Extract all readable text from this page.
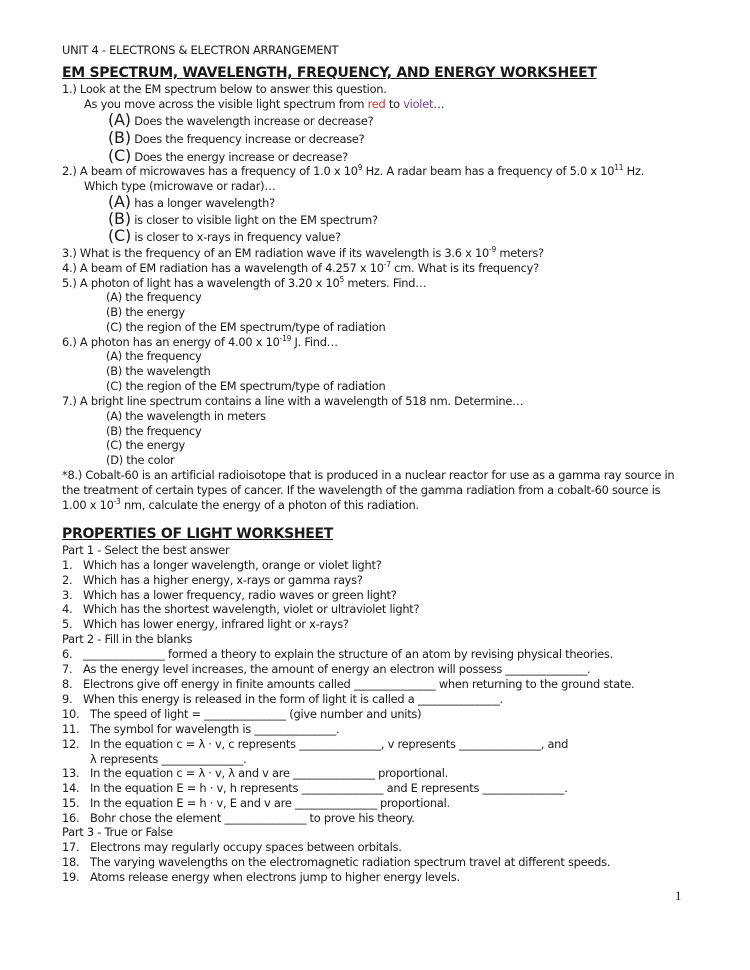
UNIT 4 - ELECTRONS & ELECTRON ARRANGEMENT
EM SPECTRUM, WAVELENGTH, FREQUENCY, AND ENERGY WORKSHEET
1.) Look at the EM spectrum below to answer this question.
As you move across the visible light spectrum from red to violet…
(A) Does the wavelength increase or decrease?
(B) Does the frequency increase or decrease?
(C) Does the energy increase or decrease?
2.) A beam of microwaves has a frequency of 1.0 x $10^9$ Hz. A radar beam has a frequency of 5.0 x $10^{11}$ Hz.
Which type (microwave or radar)…
(A) has a longer wavelength?
(B) is closer to visible light on the EM spectrum?
(C) is closer to x-rays in frequency value?
3.) What is the frequency of an EM radiation wave if its wavelength is 3.6 x $10^{-9}$ meters?
4.) A beam of EM radiation has a wavelength of 4.257 x $10^{-7}$ cm. What is its frequency?
5.) A photon of light has a wavelength of 3.20 x $10^5$ meters. Find…
(A) the frequency
(B) the energy
(C) the region of the EM spectrum/type of radiation
6.) A photon has an energy of 4.00 x $10^{-19}$ J. Find…
(A) the frequency
(B) the wavelength
(C) the region of the EM spectrum/type of radiation
7.) A bright line spectrum contains a line with a wavelength of 518 nm. Determine…
(A) the wavelength in meters
(B) the frequency
(C) the energy
(D) the color
*8.) Cobalt-60 is an artificial radioisotope that is produced in a nuclear reactor for use as a gamma ray source in
the treatment of certain types of cancer. If the wavelength of the gamma radiation from a cobalt-60 source is
1.00 x $10^{-3}$ nm, calculate the energy of a photon of this radiation.
PROPERTIES OF LIGHT WORKSHEET
Part 1 - Select the best answer
1. Which has a longer wavelength, orange or violet light?
2. Which has a higher energy, x-rays or gamma rays?
3. Which has a lower frequency, radio waves or green light?
4. Which has the shortest wavelength, violet or ultraviolet light?
5. Which has lower energy, infrared light or x-rays?
Part 2 - Fill in the blanks
6. _______________ formed a theory to explain the structure of an atom by revising physical theories.
7. As the energy level increases, the amount of energy an electron will possess _______________.
8. Electrons give off energy in finite amounts called _______________ when returning to the ground state.
9. When this energy is released in the form of light it is called a _______________.
10. The speed of light = _______________ (give number and units)
11. The symbol for wavelength is _______________.
12. In the equation c = λ · v, c represents _______________, v represents _______________, and
λ represents _______________.
13. In the equation c = λ · v, λ and v are _______________ proportional.
14. In the equation E = h · v, h represents _______________ and E represents _______________.
15. In the equation E = h · v, E and v are _______________ proportional.
16. Bohr chose the element _______________ to prove his theory.
Part 3 - True or False
17. Electrons may regularly occupy spaces between orbitals.
18. The varying wavelengths on the electromagnetic radiation spectrum travel at different speeds.
19. Atoms release energy when electrons jump to higher energy levels.
1
